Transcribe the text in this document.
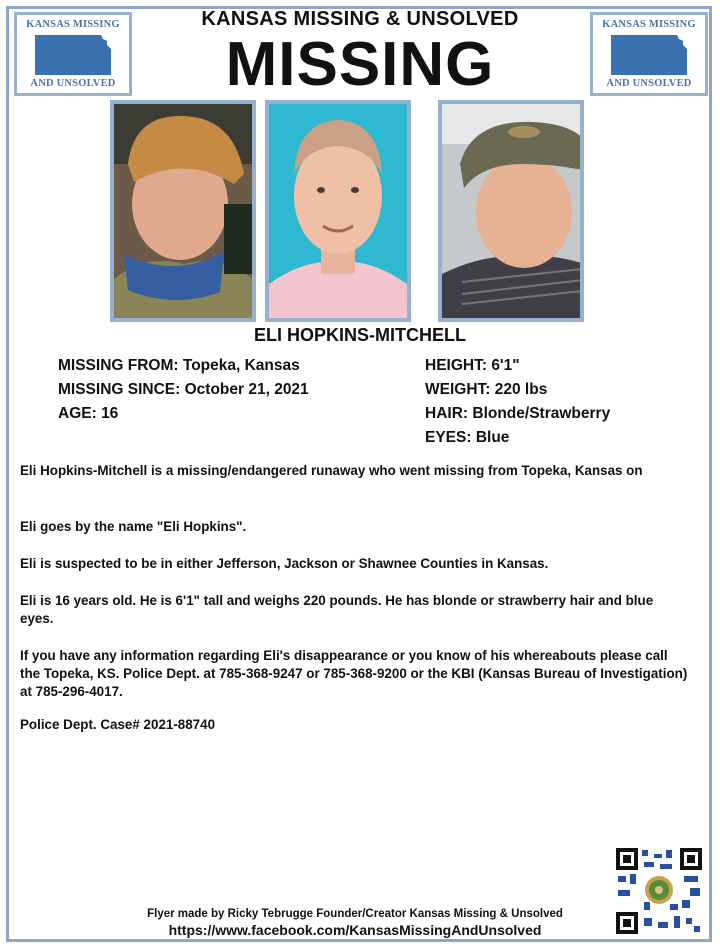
KANSAS MISSING
AND UNSOLVED
KANSAS MISSING
AND UNSOLVED
KANSAS MISSING & UNSOLVED
MISSING
ELI HOPKINS-MITCHELL
MISSING FROM: Topeka, Kansas
MISSING SINCE: October 21, 2021
AGE: 16
HEIGHT: 6'1"
WEIGHT: 220 lbs
HAIR: Blonde/Strawberry
EYES: Blue

Eli Hopkins-Mitchell is a missing/endangered runaway who went missing from Topeka, Kansas on

Eli goes by the name "Eli Hopkins".

Eli is suspected to be in either Jefferson, Jackson or Shawnee Counties in Kansas.

Eli is 16 years old. He is 6'1" tall and weighs 220 pounds. He has blonde or strawberry hair and blue eyes.

If you have any information regarding Eli's disappearance or you know of his whereabouts please call the Topeka, KS. Police Dept. at 785-368-9247 or 785-368-9200 or the KBI (Kansas Bureau of Investigation) at 785-296-4017.

Police Dept. Case# 2021-88740

Flyer made by Ricky Tebrugge Founder/Creator Kansas Missing & Unsolved
https://www.facebook.com/KansasMissingAndUnsolved
